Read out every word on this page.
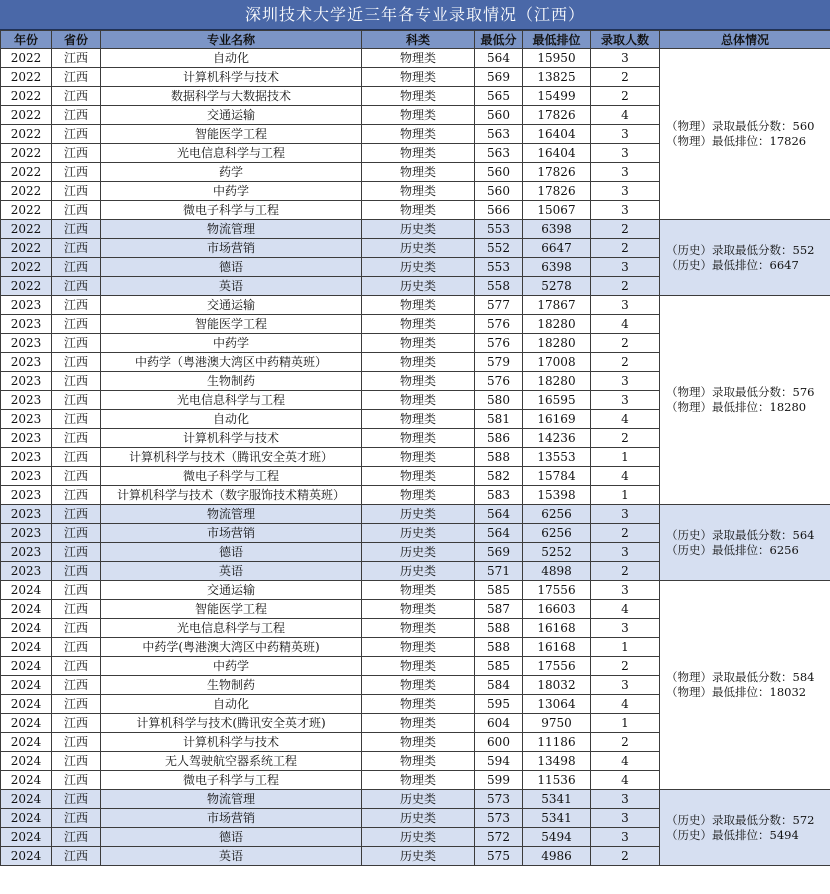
深圳技术大学近三年各专业录取情况（江西）
年份	省份	专业名称	科类	最低分	最低排位	录取人数	总体情况
2022	江西	自动化	物理类	564	15950	3	（物理）录取最低分数：560
（物理）最低排位：17826

2022	江西	计算机科学与技术	物理类	569	13825	2	
2022	江西	数据科学与大数据技术	物理类	565	15499	2	
2022	江西	交通运输	物理类	560	17826	4	
2022	江西	智能医学工程	物理类	563	16404	3	
2022	江西	光电信息科学与工程	物理类	563	16404	3	
2022	江西	药学	物理类	560	17826	3	
2022	江西	中药学	物理类	560	17826	3	
2022	江西	微电子科学与工程	物理类	566	15067	3	
2022	江西	物流管理	历史类	553	6398	2	（历史）录取最低分数：552
（历史）最低排位：6647

2022	江西	市场营销	历史类	552	6647	2	
2022	江西	德语	历史类	553	6398	3	
2022	江西	英语	历史类	558	5278	2	
2023	江西	交通运输	物理类	577	17867	3	（物理）录取最低分数：576
（物理）最低排位：18280

2023	江西	智能医学工程	物理类	576	18280	4	
2023	江西	中药学	物理类	576	18280	2	
2023	江西	中药学（粤港澳大湾区中药精英班）	物理类	579	17008	2	
2023	江西	生物制药	物理类	576	18280	3	
2023	江西	光电信息科学与工程	物理类	580	16595	3	
2023	江西	自动化	物理类	581	16169	4	
2023	江西	计算机科学与技术	物理类	586	14236	2	
2023	江西	计算机科学与技术（腾讯安全英才班）	物理类	588	13553	1	
2023	江西	微电子科学与工程	物理类	582	15784	4	
2023	江西	计算机科学与技术（数字服饰技术精英班）	物理类	583	15398	1	
2023	江西	物流管理	历史类	564	6256	3	（历史）录取最低分数：564
（历史）最低排位：6256

2023	江西	市场营销	历史类	564	6256	2	
2023	江西	德语	历史类	569	5252	3	
2023	江西	英语	历史类	571	4898	2	
2024	江西	交通运输	物理类	585	17556	3	（物理）录取最低分数：584
（物理）最低排位：18032

2024	江西	智能医学工程	物理类	587	16603	4	
2024	江西	光电信息科学与工程	物理类	588	16168	3	
2024	江西	中药学(粤港澳大湾区中药精英班)	物理类	588	16168	1	
2024	江西	中药学	物理类	585	17556	2	
2024	江西	生物制药	物理类	584	18032	3	
2024	江西	自动化	物理类	595	13064	4	
2024	江西	计算机科学与技术(腾讯安全英才班)	物理类	604	9750	1	
2024	江西	计算机科学与技术	物理类	600	11186	2	
2024	江西	无人驾驶航空器系统工程	物理类	594	13498	4	
2024	江西	微电子科学与工程	物理类	599	11536	4	
2024	江西	物流管理	历史类	573	5341	3	（历史）录取最低分数：572
（历史）最低排位：5494

2024	江西	市场营销	历史类	573	5341	3	
2024	江西	德语	历史类	572	5494	3	
2024	江西	英语	历史类	575	4986	2	
